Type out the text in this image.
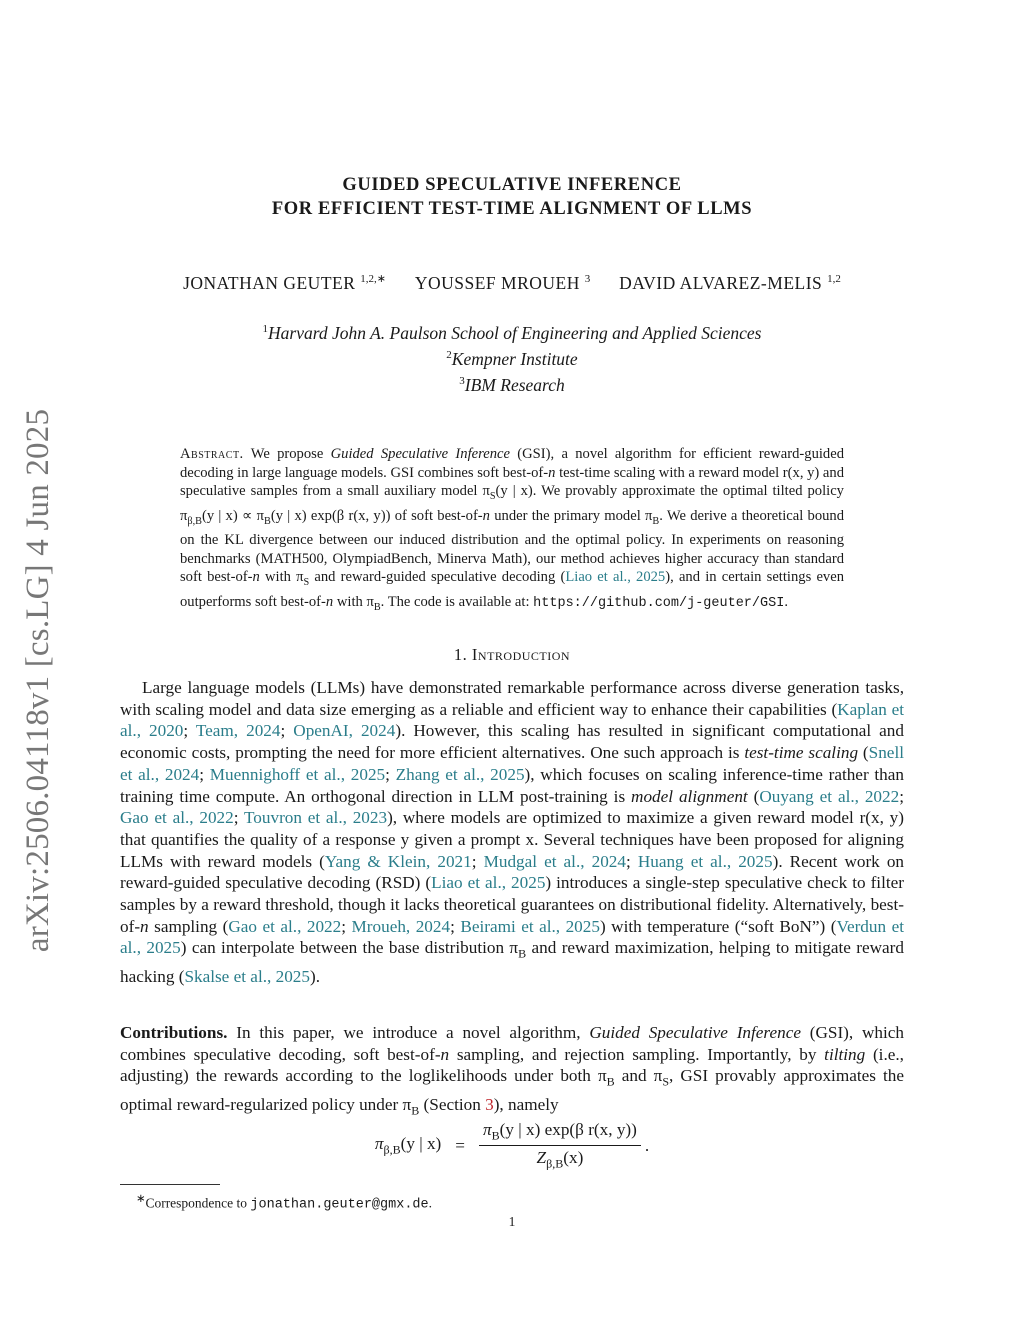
arXiv:2506.04118v1 [cs.LG] 4 Jun 2025
GUIDED SPECULATIVE INFERENCE
FOR EFFICIENT TEST-TIME ALIGNMENT OF LLMS
JONATHAN GEUTER $^{1,2,∗}$ YOUSSEF MROUEH $^3$ DAVID ALVAREZ-MELIS $^{1,2}$
$^1$Harvard John A. Paulson School of Engineering and Applied Sciences
$^2$Kempner Institute
$^3$IBM Research
Abstract. We propose Guided Speculative Inference (GSI), a novel algorithm for efficient reward-guided decoding in large language models. GSI combines soft best-of-n test-time scaling with a reward model r(x, y) and speculative samples from a small auxiliary model $\pi_S(y$ | x). We provably approximate the optimal tilted policy $\pi_{\beta,B}(y$ | $x) \propto \pi_B(y$ | x) exp(β r(x, y)) of soft best-of-n under the primary model $\pi_B$. We derive a theoretical bound on the KL divergence between our induced distribution and the optimal policy. In experiments on reasoning benchmarks (MATH500, OlympiadBench, Minerva Math), our method achieves higher accuracy than standard soft best-of-n with $\pi_S$ and reward-guided speculative decoding (Liao et al., 2025), and in certain settings even outperforms soft best-of-n with $\pi_B$. The code is available at: https://github.com/j-geuter/GSI.
1. Introduction
Large language models (LLMs) have demonstrated remarkable performance across diverse generation tasks, with scaling model and data size emerging as a reliable and efficient way to enhance their capabilities (Kaplan et al., 2020; Team, 2024; OpenAI, 2024). However, this scaling has resulted in significant computational and economic costs, prompting the need for more efficient alternatives. One such approach is test-time scaling (Snell et al., 2024; Muennighoff et al., 2025; Zhang et al., 2025), which focuses on scaling inference-time rather than training time compute. An orthogonal direction in LLM post-training is model alignment (Ouyang et al., 2022; Gao et al., 2022; Touvron et al., 2023), where models are optimized to maximize a given reward model r(x, y) that quantifies the quality of a response y given a prompt x. Several techniques have been proposed for aligning LLMs with reward models (Yang & Klein, 2021; Mudgal et al., 2024; Huang et al., 2025). Recent work on reward-guided speculative decoding (RSD) (Liao et al., 2025) introduces a single-step speculative check to filter samples by a reward threshold, though it lacks theoretical guarantees on distributional fidelity. Alternatively, best-of-n sampling (Gao et al., 2022; Mroueh, 2024; Beirami et al., 2025) with temperature (“soft BoN”) (Verdun et al., 2025) can interpolate between the base distribution $\pi_B$ and reward maximization, helping to mitigate reward hacking (Skalse et al., 2025).
Contributions. In this paper, we introduce a novel algorithm, Guided Speculative Inference (GSI), which combines speculative decoding, soft best-of-n sampling, and rejection sampling. Importantly, by tilting (i.e., adjusting) the rewards according to the loglikelihoods under both $\pi_B$ and $\pi_S$, GSI provably approximates the optimal reward-regularized policy under $\pi_B$ (Section 3), namely
$\pi_{\beta,B}(y$ | $x) = \frac{\pi_B(y | x) \exp(\beta r(x, y))}{Z_{\beta,B}(x)}$ .
∗Correspondence to jonathan.geuter@gmx.de.
1
